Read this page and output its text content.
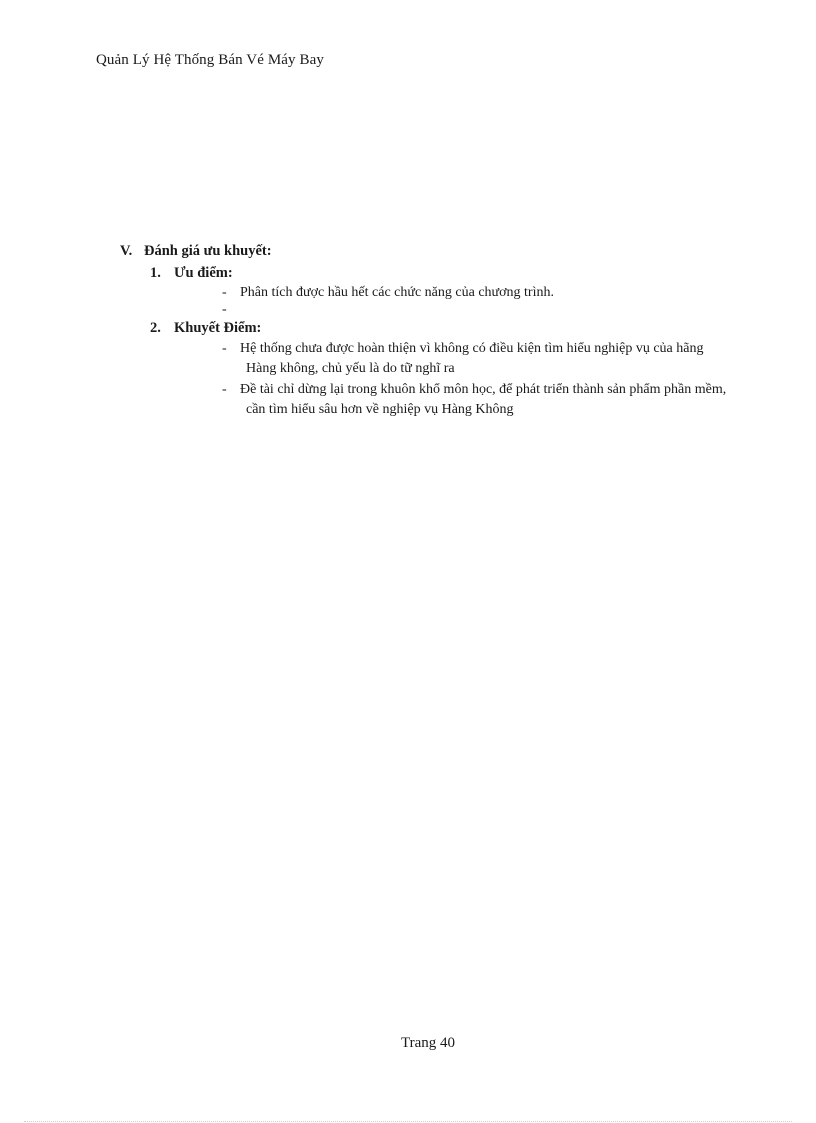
Quản Lý Hệ Thống Bán Vé Máy Bay
V. Đánh giá ưu khuyết:
1. Ưu điểm:
- Phân tích được hầu hết các chức năng của chương trình.
-
2. Khuyết Điểm:
- Hệ thống chưa được hoàn thiện vì không có điều kiện tìm hiểu nghiệp vụ của hãng
Hàng không, chủ yếu là do tữ nghĩ ra
- Đề tài chỉ dừng lại trong khuôn khổ môn học, để phát triển thành sản phẩm phần mềm,
cần tìm hiểu sâu hơn về nghiệp vụ Hàng Không
Trang 40
